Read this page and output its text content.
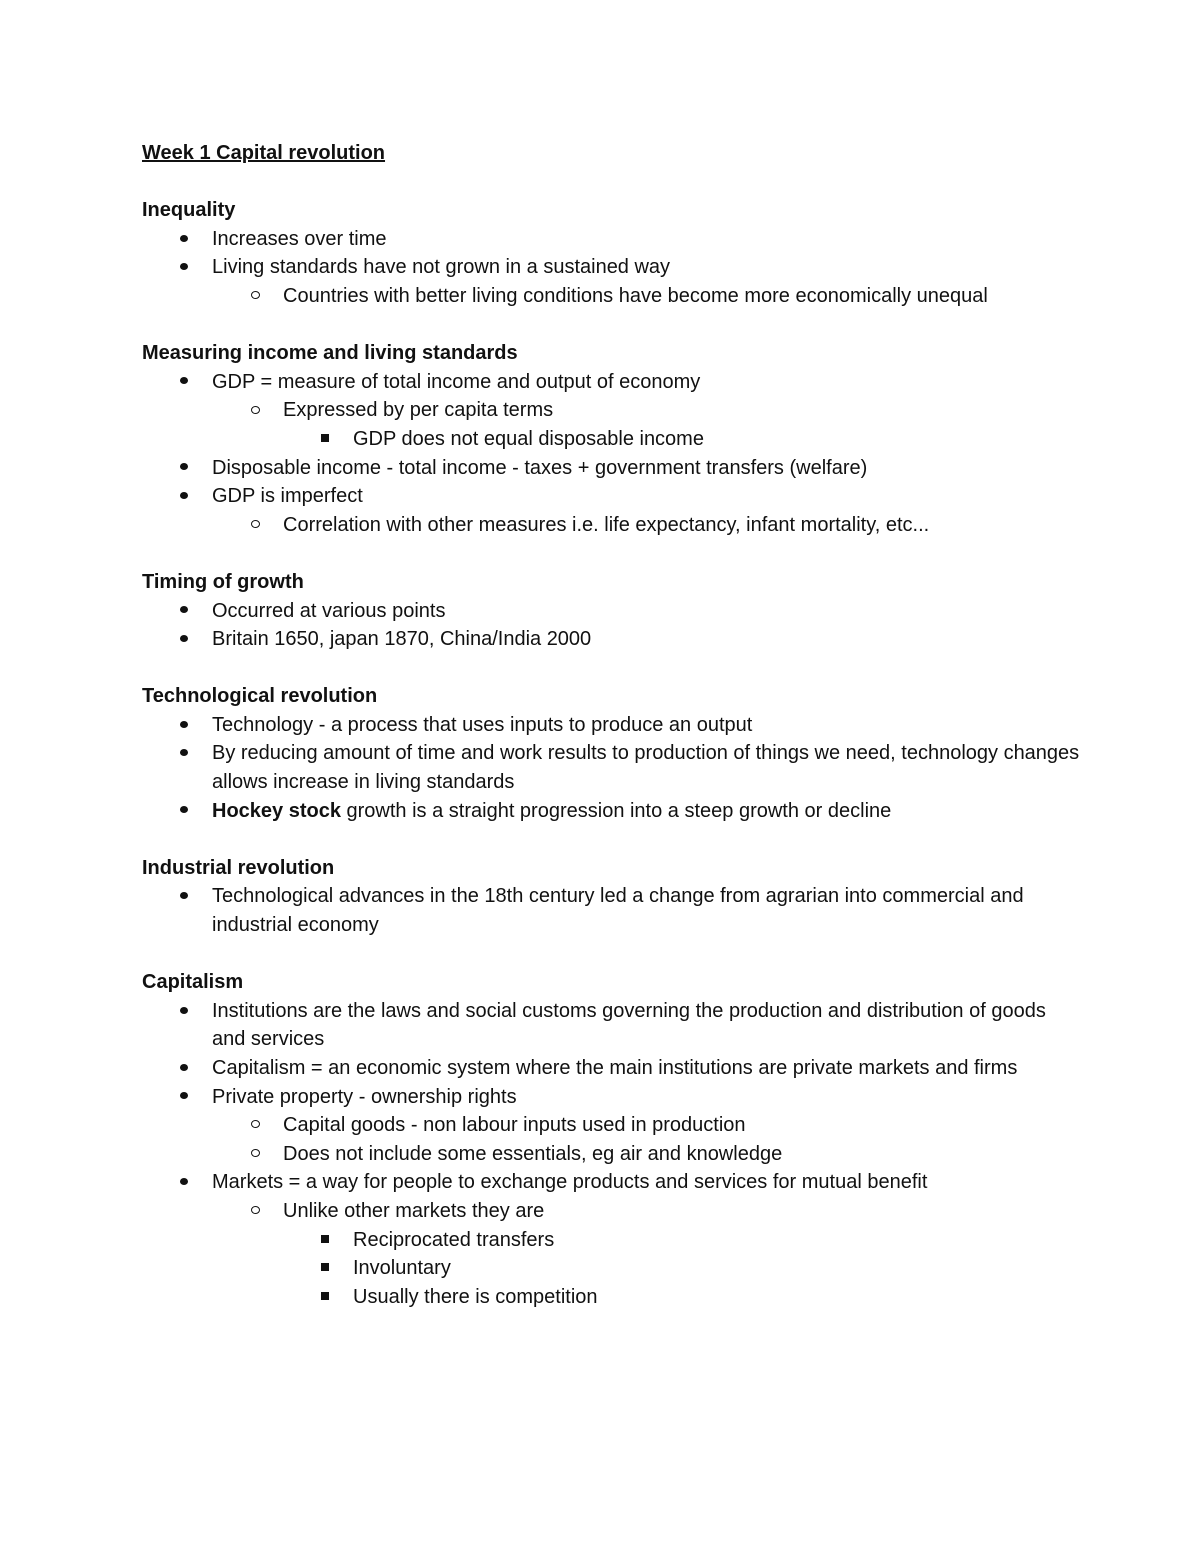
Week 1 Capital revolution
Inequality
Increases over time
Living standards have not grown in a sustained way
Countries with better living conditions have become more economically unequal
Measuring income and living standards
GDP = measure of total income and output of economy
Expressed by per capita terms
GDP does not equal disposable income
Disposable income - total income - taxes + government transfers (welfare)
GDP is imperfect
Correlation with other measures i.e. life expectancy, infant mortality, etc...
Timing of growth
Occurred at various points
Britain 1650, japan 1870, China/India 2000
Technological revolution
Technology - a process that uses inputs to produce an output
By reducing amount of time and work results to production of things we need, technology changes allows increase in living standards
Hockey stock growth is a straight progression into a steep growth or decline
Industrial revolution
Technological advances in the 18th century led a change from agrarian into commercial and industrial economy
Capitalism
Institutions are the laws and social customs governing the production and distribution of goods and services
Capitalism = an economic system where the main institutions are private markets and firms
Private property - ownership rights
Capital goods - non labour inputs used in production
Does not include some essentials, eg air and knowledge
Markets = a way for people to exchange products and services for mutual benefit
Unlike other markets they are
Reciprocated transfers
Involuntary
Usually there is competition
